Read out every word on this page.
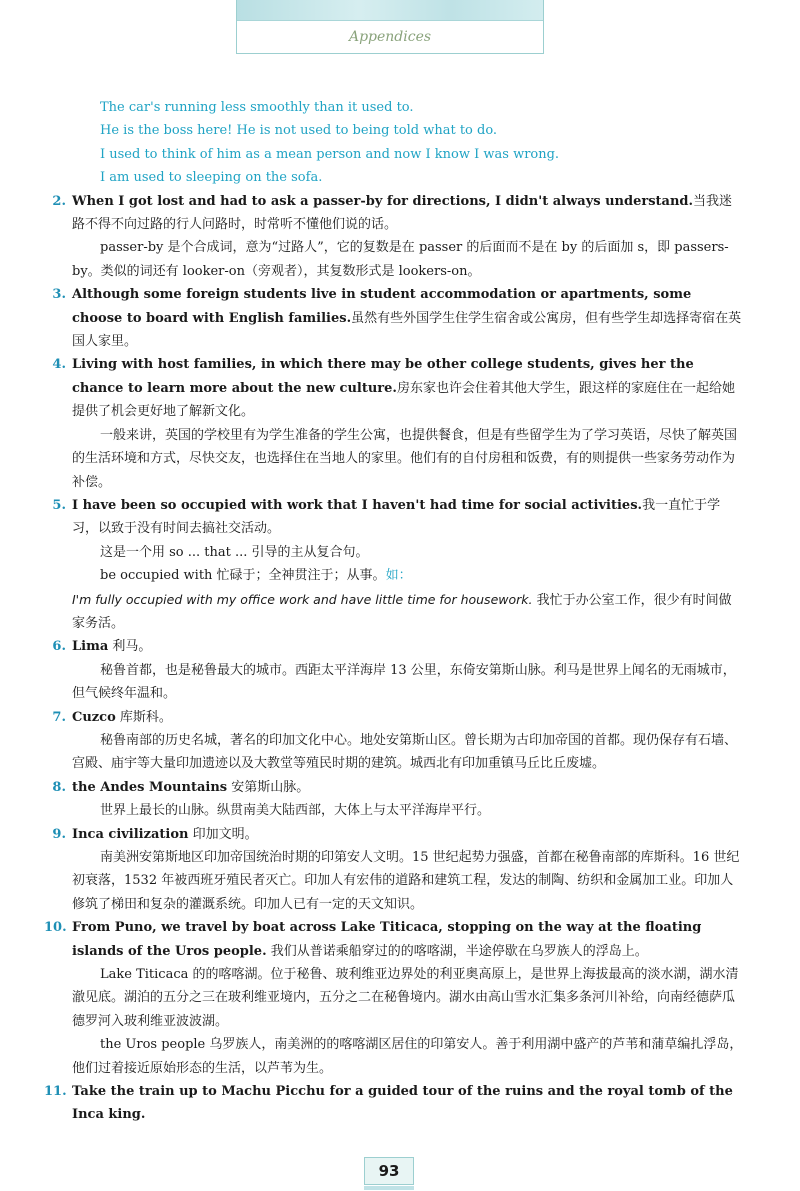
Appendices

The car's running less smoothly than it used to.

He is the boss here! He is not used to being told what to do.

I used to think of him as a mean person and now I know I was wrong.

I am used to sleeping on the sofa.

2. When I got lost and had to ask a passer-by for directions, I didn't always understand.当我迷路不得不向过路的行人问路时，时常听不懂他们说的话。

passer-by 是个合成词，意为“过路人”，它的复数是在 passer 的后面而不是在 by 的后面加 s，即 passers-by。类似的词还有 looker-on（旁观者），其复数形式是 lookers-on。

3. Although some foreign students live in student accommodation or apartments, some choose to board with English families.虽然有些外国学生住学生宿舍或公寓房，但有些学生却选择寄宿在英国人家里。

4. Living with host families, in which there may be other college students, gives her the chance to learn more about the new culture.房东家也许会住着其他大学生，跟这样的家庭住在一起给她提供了机会更好地了解新文化。

一般来讲，英国的学校里有为学生准备的学生公寓，也提供餐食，但是有些留学生为了学习英语，尽快了解英国的生活环境和方式，尽快交友，也选择住在当地人的家里。他们有的自付房租和饭费，有的则提供一些家务劳动作为补偿。

5. I have been so occupied with work that I haven't had time for social activities.我一直忙于学习，以致于没有时间去搞社交活动。

这是一个用 so ... that ... 引导的主从复合句。

be occupied with 忙碌于；全神贯注于；从事。如：

I'm fully occupied with my office work and have little time for housework. 我忙于办公室工作，很少有时间做家务活。

6. Lima 利马。

秘鲁首都，也是秘鲁最大的城市。西距太平洋海岸 13 公里，东倚安第斯山脉。利马是世界上闻名的无雨城市，但气候终年温和。

7. Cuzco 库斯科。

秘鲁南部的历史名城，著名的印加文化中心。地处安第斯山区。曾长期为古印加帝国的首都。现仍保存有石墙、宫殿、庙宇等大量印加遗迹以及大教堂等殖民时期的建筑。城西北有印加重镇马丘比丘废墟。

8. the Andes Mountains 安第斯山脉。

世界上最长的山脉。纵贯南美大陆西部，大体上与太平洋海岸平行。

9. Inca civilization 印加文明。

南美洲安第斯地区印加帝国统治时期的印第安人文明。15 世纪起势力强盛，首都在秘鲁南部的库斯科。16 世纪初衰落，1532 年被西班牙殖民者灭亡。印加人有宏伟的道路和建筑工程，发达的制陶、纺织和金属加工业。印加人修筑了梯田和复杂的灌溉系统。印加人已有一定的天文知识。

10. From Puno, we travel by boat across Lake Titicaca, stopping on the way at the floating islands of the Uros people. 我们从普诺乘船穿过的的喀喀湖，半途停歇在乌罗族人的浮岛上。

Lake Titicaca 的的喀喀湖。位于秘鲁、玻利维亚边界处的利亚奥高原上，是世界上海拔最高的淡水湖，湖水清澈见底。湖泊的五分之三在玻利维亚境内，五分之二在秘鲁境内。湖水由高山雪水汇集多条河川补给，向南经德萨瓜德罗河入玻利维亚波波湖。

the Uros people 乌罗族人，南美洲的的喀喀湖区居住的印第安人。善于利用湖中盛产的芦苇和蒲草编扎浮岛，他们过着接近原始形态的生活，以芦苇为生。

11. Take the train up to Machu Picchu for a guided tour of the ruins and the royal tomb of the Inca king.

93
